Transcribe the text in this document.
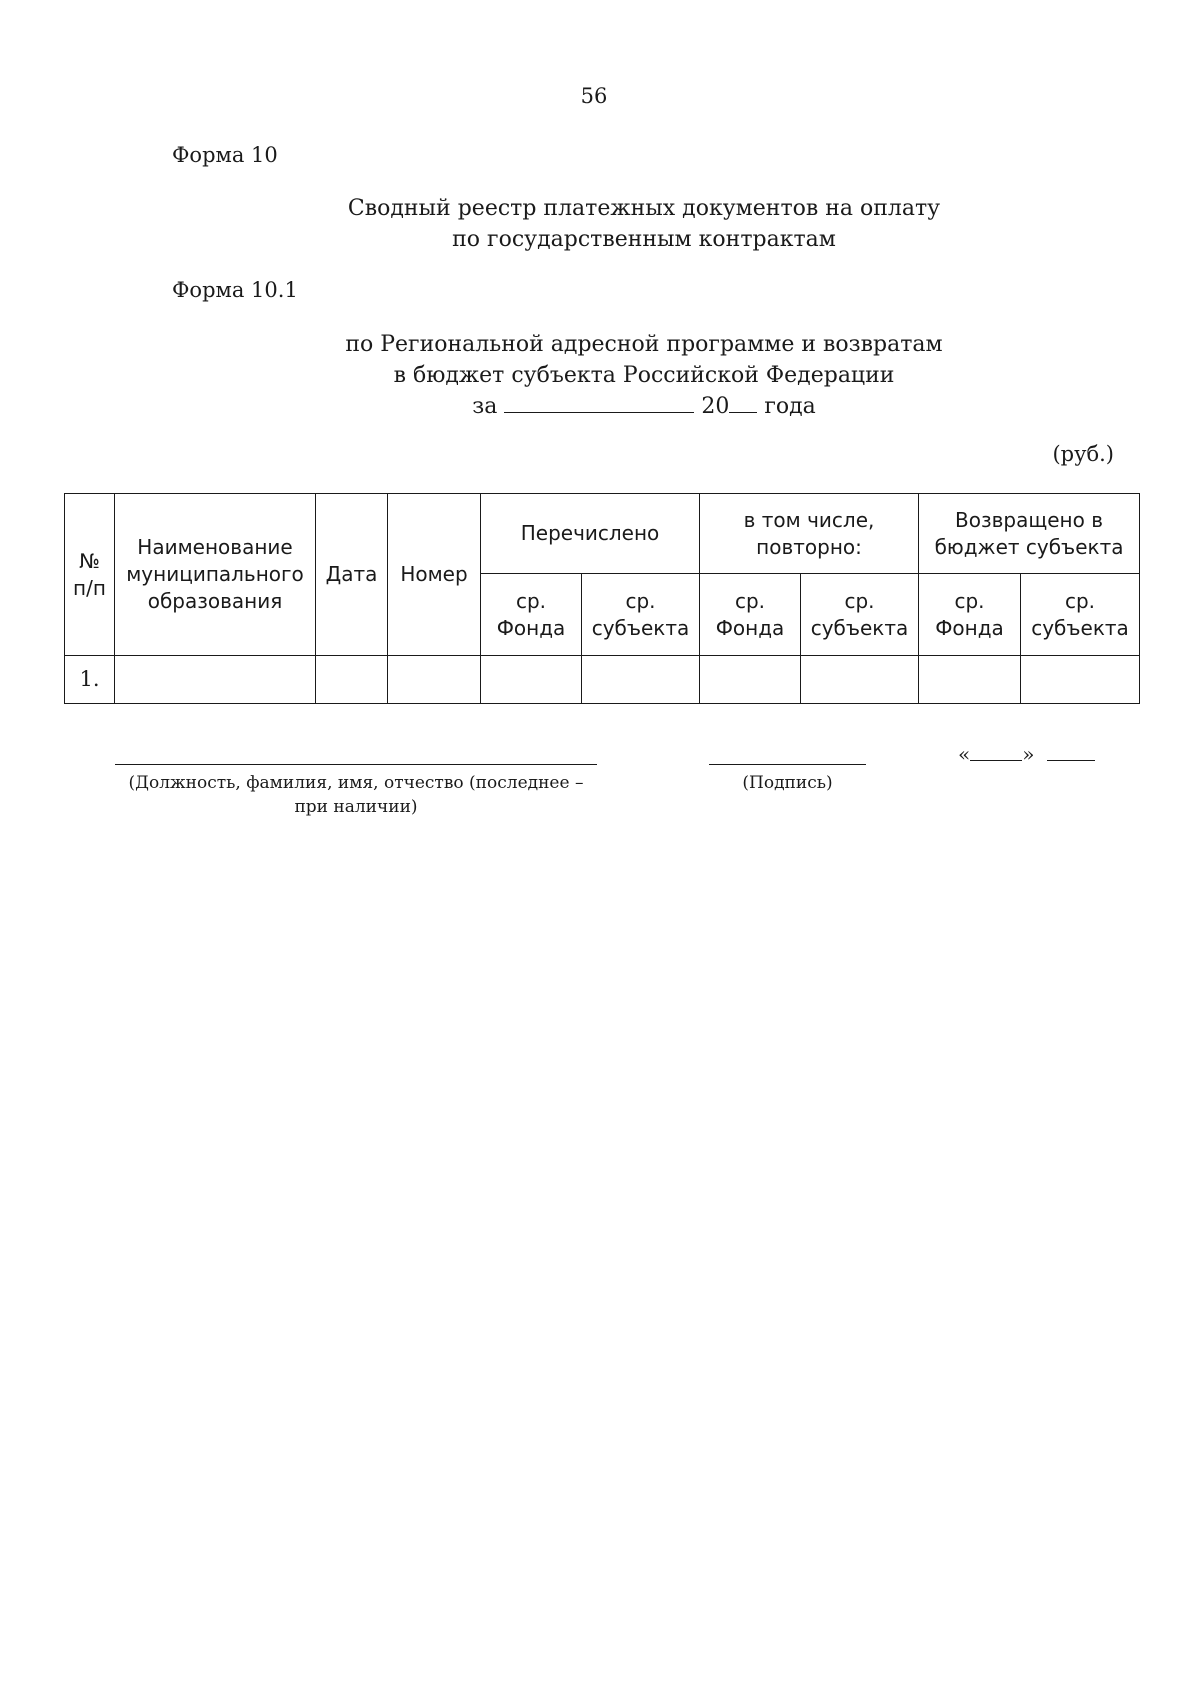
56
Форма 10
Сводный реестр платежных документов на оплату
по государственным контрактам
Форма 10.1
по Региональной адресной программе и возвратам
в бюджет субъекта Российской Федерации
за	20 года
(руб.)
№ п/п	Наименование муниципального образования	Дата	Номер	Перечислено		в том числе, повторно:		Возвращено в бюджет субъекта	
				ср. Фонда	ср. субъекта	ср. Фонда	ср. субъекта	ср. Фонда	ср. субъекта
1.									
(Должность, фамилия, имя, отчество (последнее –
при наличии)
(Подпись)
«	»
